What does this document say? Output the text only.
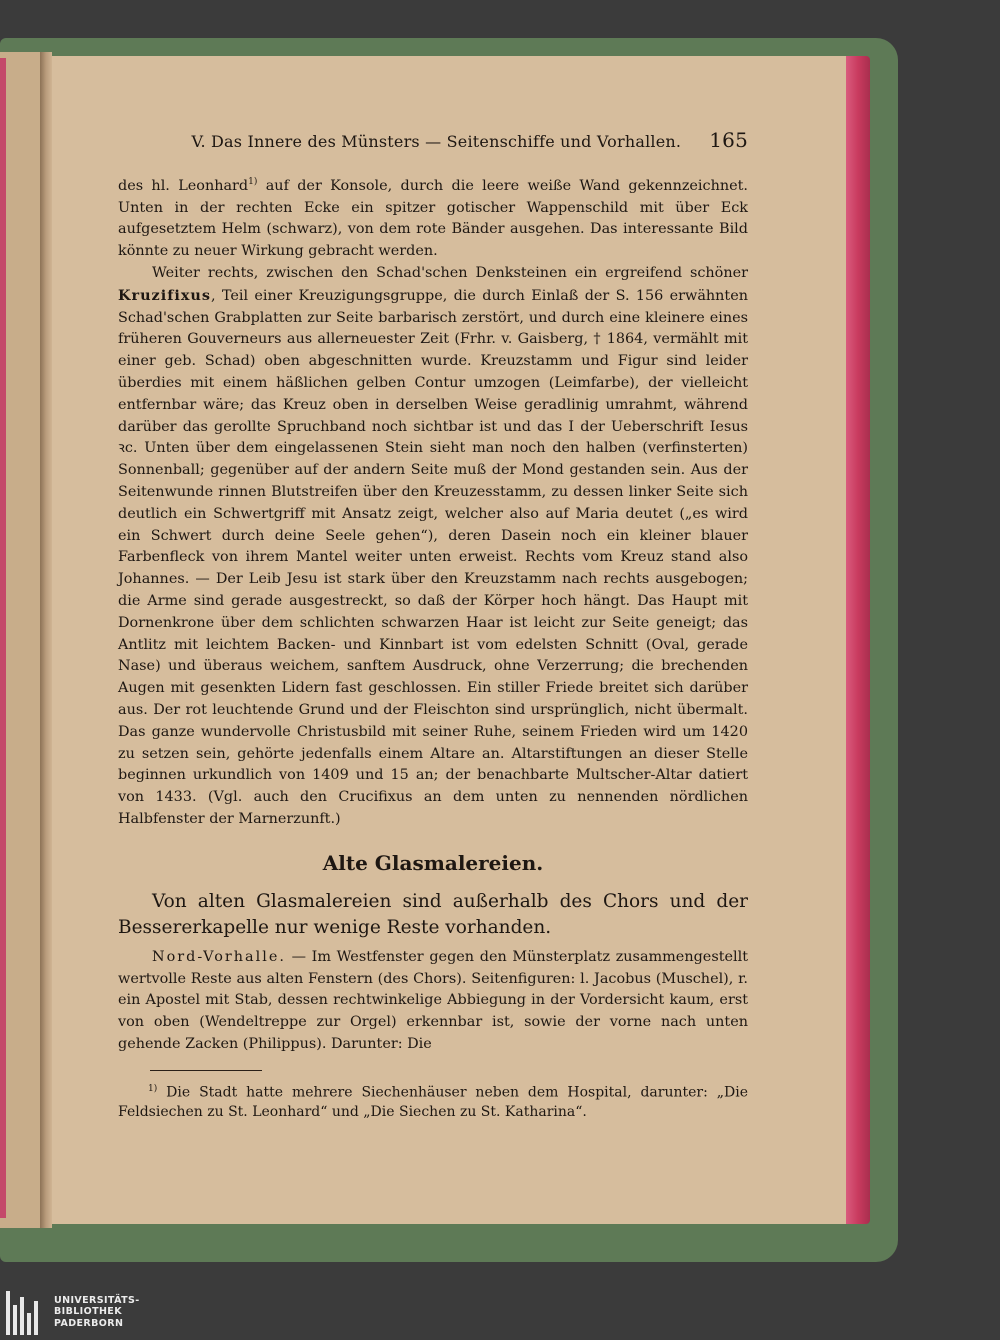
V. Das Innere des Münsters — Seitenschiffe und Vorhallen. 165

des hl. Leonhard$^{1)}$ auf der Konsole, durch die leere weiße Wand gekennzeichnet. Unten in der rechten Ecke ein spitzer gotischer Wappenschild mit über Eck aufgesetztem Helm (schwarz), von dem rote Bänder ausgehen. Das interessante Bild könnte zu neuer Wirkung gebracht werden.

Weiter rechts, zwischen den Schad'schen Denksteinen ein ergreifend schöner Kruzifixus, Teil einer Kreuzigungsgruppe, die durch Einlaß der S. 156 erwähnten Schad'schen Grabplatten zur Seite barbarisch zerstört, und durch eine kleinere eines früheren Gouverneurs aus allerneuester Zeit (Frhr. v. Gaisberg, † 1864, vermählt mit einer geb. Schad) oben abgeschnitten wurde. Kreuzstamm und Figur sind leider überdies mit einem häßlichen gelben Contur umzogen (Leimfarbe), der vielleicht entfernbar wäre; das Kreuz oben in derselben Weise geradlinig umrahmt, während darüber das gerollte Spruchband noch sichtbar ist und das I der Ueberschrift Iesus ꝛc. Unten über dem eingelassenen Stein sieht man noch den halben (verfinsterten) Sonnenball; gegenüber auf der andern Seite muß der Mond gestanden sein. Aus der Seitenwunde rinnen Blutstreifen über den Kreuzesstamm, zu dessen linker Seite sich deutlich ein Schwertgriff mit Ansatz zeigt, welcher also auf Maria deutet („es wird ein Schwert durch deine Seele gehen“), deren Dasein noch ein kleiner blauer Farbenfleck von ihrem Mantel weiter unten erweist. Rechts vom Kreuz stand also Johannes. — Der Leib Jesu ist stark über den Kreuzstamm nach rechts ausgebogen; die Arme sind gerade ausgestreckt, so daß der Körper hoch hängt. Das Haupt mit Dornenkrone über dem schlichten schwarzen Haar ist leicht zur Seite geneigt; das Antlitz mit leichtem Backen- und Kinnbart ist vom edelsten Schnitt (Oval, gerade Nase) und überaus weichem, sanftem Ausdruck, ohne Verzerrung; die brechenden Augen mit gesenkten Lidern fast geschlossen. Ein stiller Friede breitet sich darüber aus. Der rot leuchtende Grund und der Fleischton sind ursprünglich, nicht übermalt. Das ganze wundervolle Christusbild mit seiner Ruhe, seinem Frieden wird um 1420 zu setzen sein, gehörte jedenfalls einem Altare an. Altarstiftungen an dieser Stelle beginnen urkundlich von 1409 und 15 an; der benachbarte Multscher-Altar datiert von 1433. (Vgl. auch den Crucifixus an dem unten zu nennenden nördlichen Halbfenster der Marnerzunft.)

Alte Glasmalereien.

Von alten Glasmalereien sind außerhalb des Chors und der Bessererkapelle nur wenige Reste vorhanden.

Nord-Vorhalle. — Im Westfenster gegen den Münsterplatz zusammengestellt wertvolle Reste aus alten Fenstern (des Chors). Seitenfiguren: l. Jacobus (Muschel), r. ein Apostel mit Stab, dessen rechtwinkelige Abbiegung in der Vordersicht kaum, erst von oben (Wendeltreppe zur Orgel) erkennbar ist, sowie der vorne nach unten gehende Zacken (Philippus). Darunter: Die

$^{1)}$ Die Stadt hatte mehrere Siechenhäuser neben dem Hospital, darunter: „Die Feldsiechen zu St. Leonhard“ und „Die Siechen zu St. Katharina“.

UNIVERSITÄTS-
BIBLIOTHEK
PADERBORN
